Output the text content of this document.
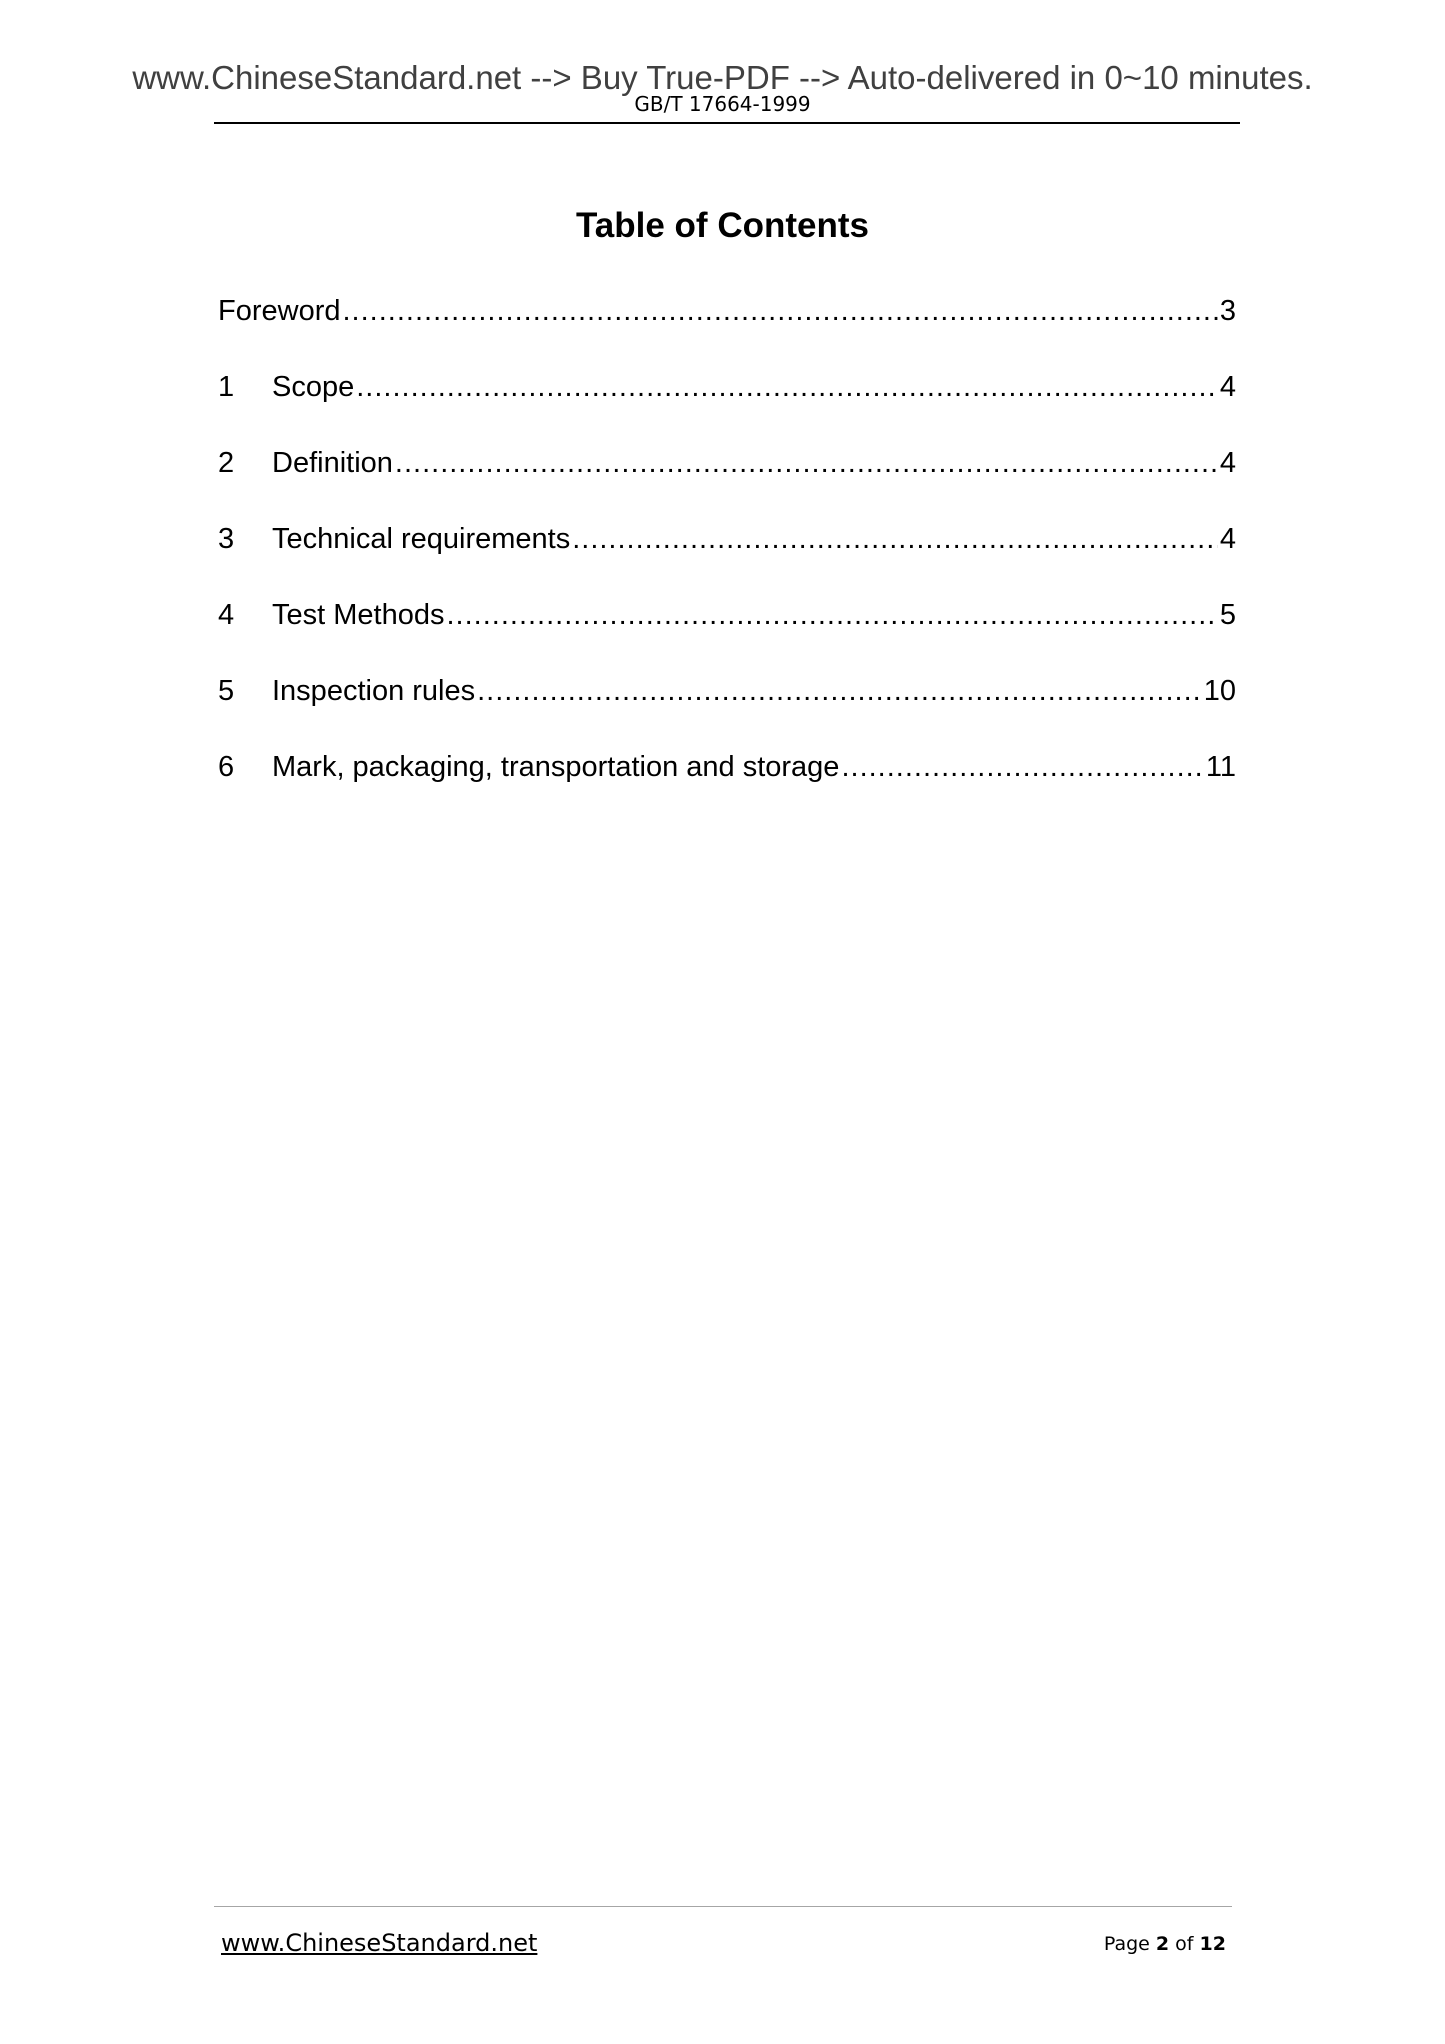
www.ChineseStandard.net --> Buy True-PDF --> Auto-delivered in 0~10 minutes.
GB/T 17664-1999
Table of Contents
Foreword .....	3
1	Scope .....	4
2	Definition .....	4
3	Technical requirements .....	4
4	Test Methods .....	5
5	Inspection rules .....	10
6	Mark, packaging, transportation and storage .....	11
www.ChineseStandard.net	Page 2 of 12
